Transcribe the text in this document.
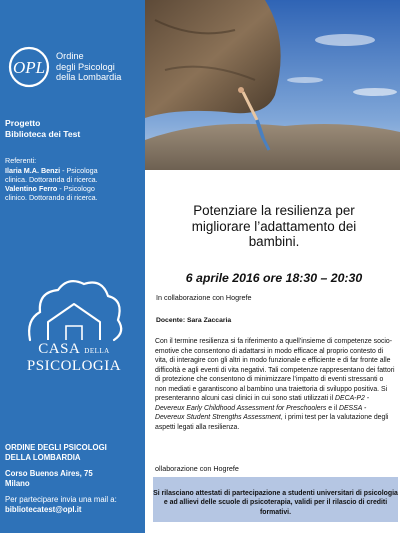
OPL
Ordine
degli Psicologi
della Lombardia
Progetto
Biblioteca dei Test
Referenti:
Ilaria M.A. Benzi - Psicologa
clinica. Dottoranda di ricerca.
Valentino Ferro - Psicologo
clinico. Dottorando di ricerca.
CASA DELLA
PSICOLOGIA
ORDINE DEGLI PSICOLOGI
DELLA LOMBARDIA
Corso Buenos Aires, 75
Milano
Per partecipare invia una mail a:
bibliotecatest@opl.it
Potenziare la resilienza per
migliorare l’adattamento dei
bambini.
6 aprile 2016 ore 18:30 – 20:30
In collaborazione con Hogrefe
Docente: Sara Zaccaria
Con il termine resilienza si fa riferimento a quell’insieme di competenze socio-emotive che consentono di adattarsi in modo efficace al proprio contesto di vita, di interagire con gli altri in modo funzionale e efficiente e di far fronte alle difficoltà e agli eventi di vita negativi. Tali competenze rappresentano dei fattori di protezione che consentono di minimizzare l’impatto di eventi stressanti o non mediati e garantiscono al bambino una traiettoria di sviluppo positiva. Si presenteranno alcuni casi clinici in cui sono stati utilizzati il DECA-P2 - Devereux Early Childhood Assessment for Preschoolers e il DESSA - Devereux Student Strengths Assessment, i primi test per la valutazione degli aspetti legati alla resilienza.
ollaborazione con Hogrefe
Si rilasciano attestati di partecipazione a studenti universitari di psicologia e ad allievi delle scuole di psicoterapia, validi per il rilascio di crediti formativi.
